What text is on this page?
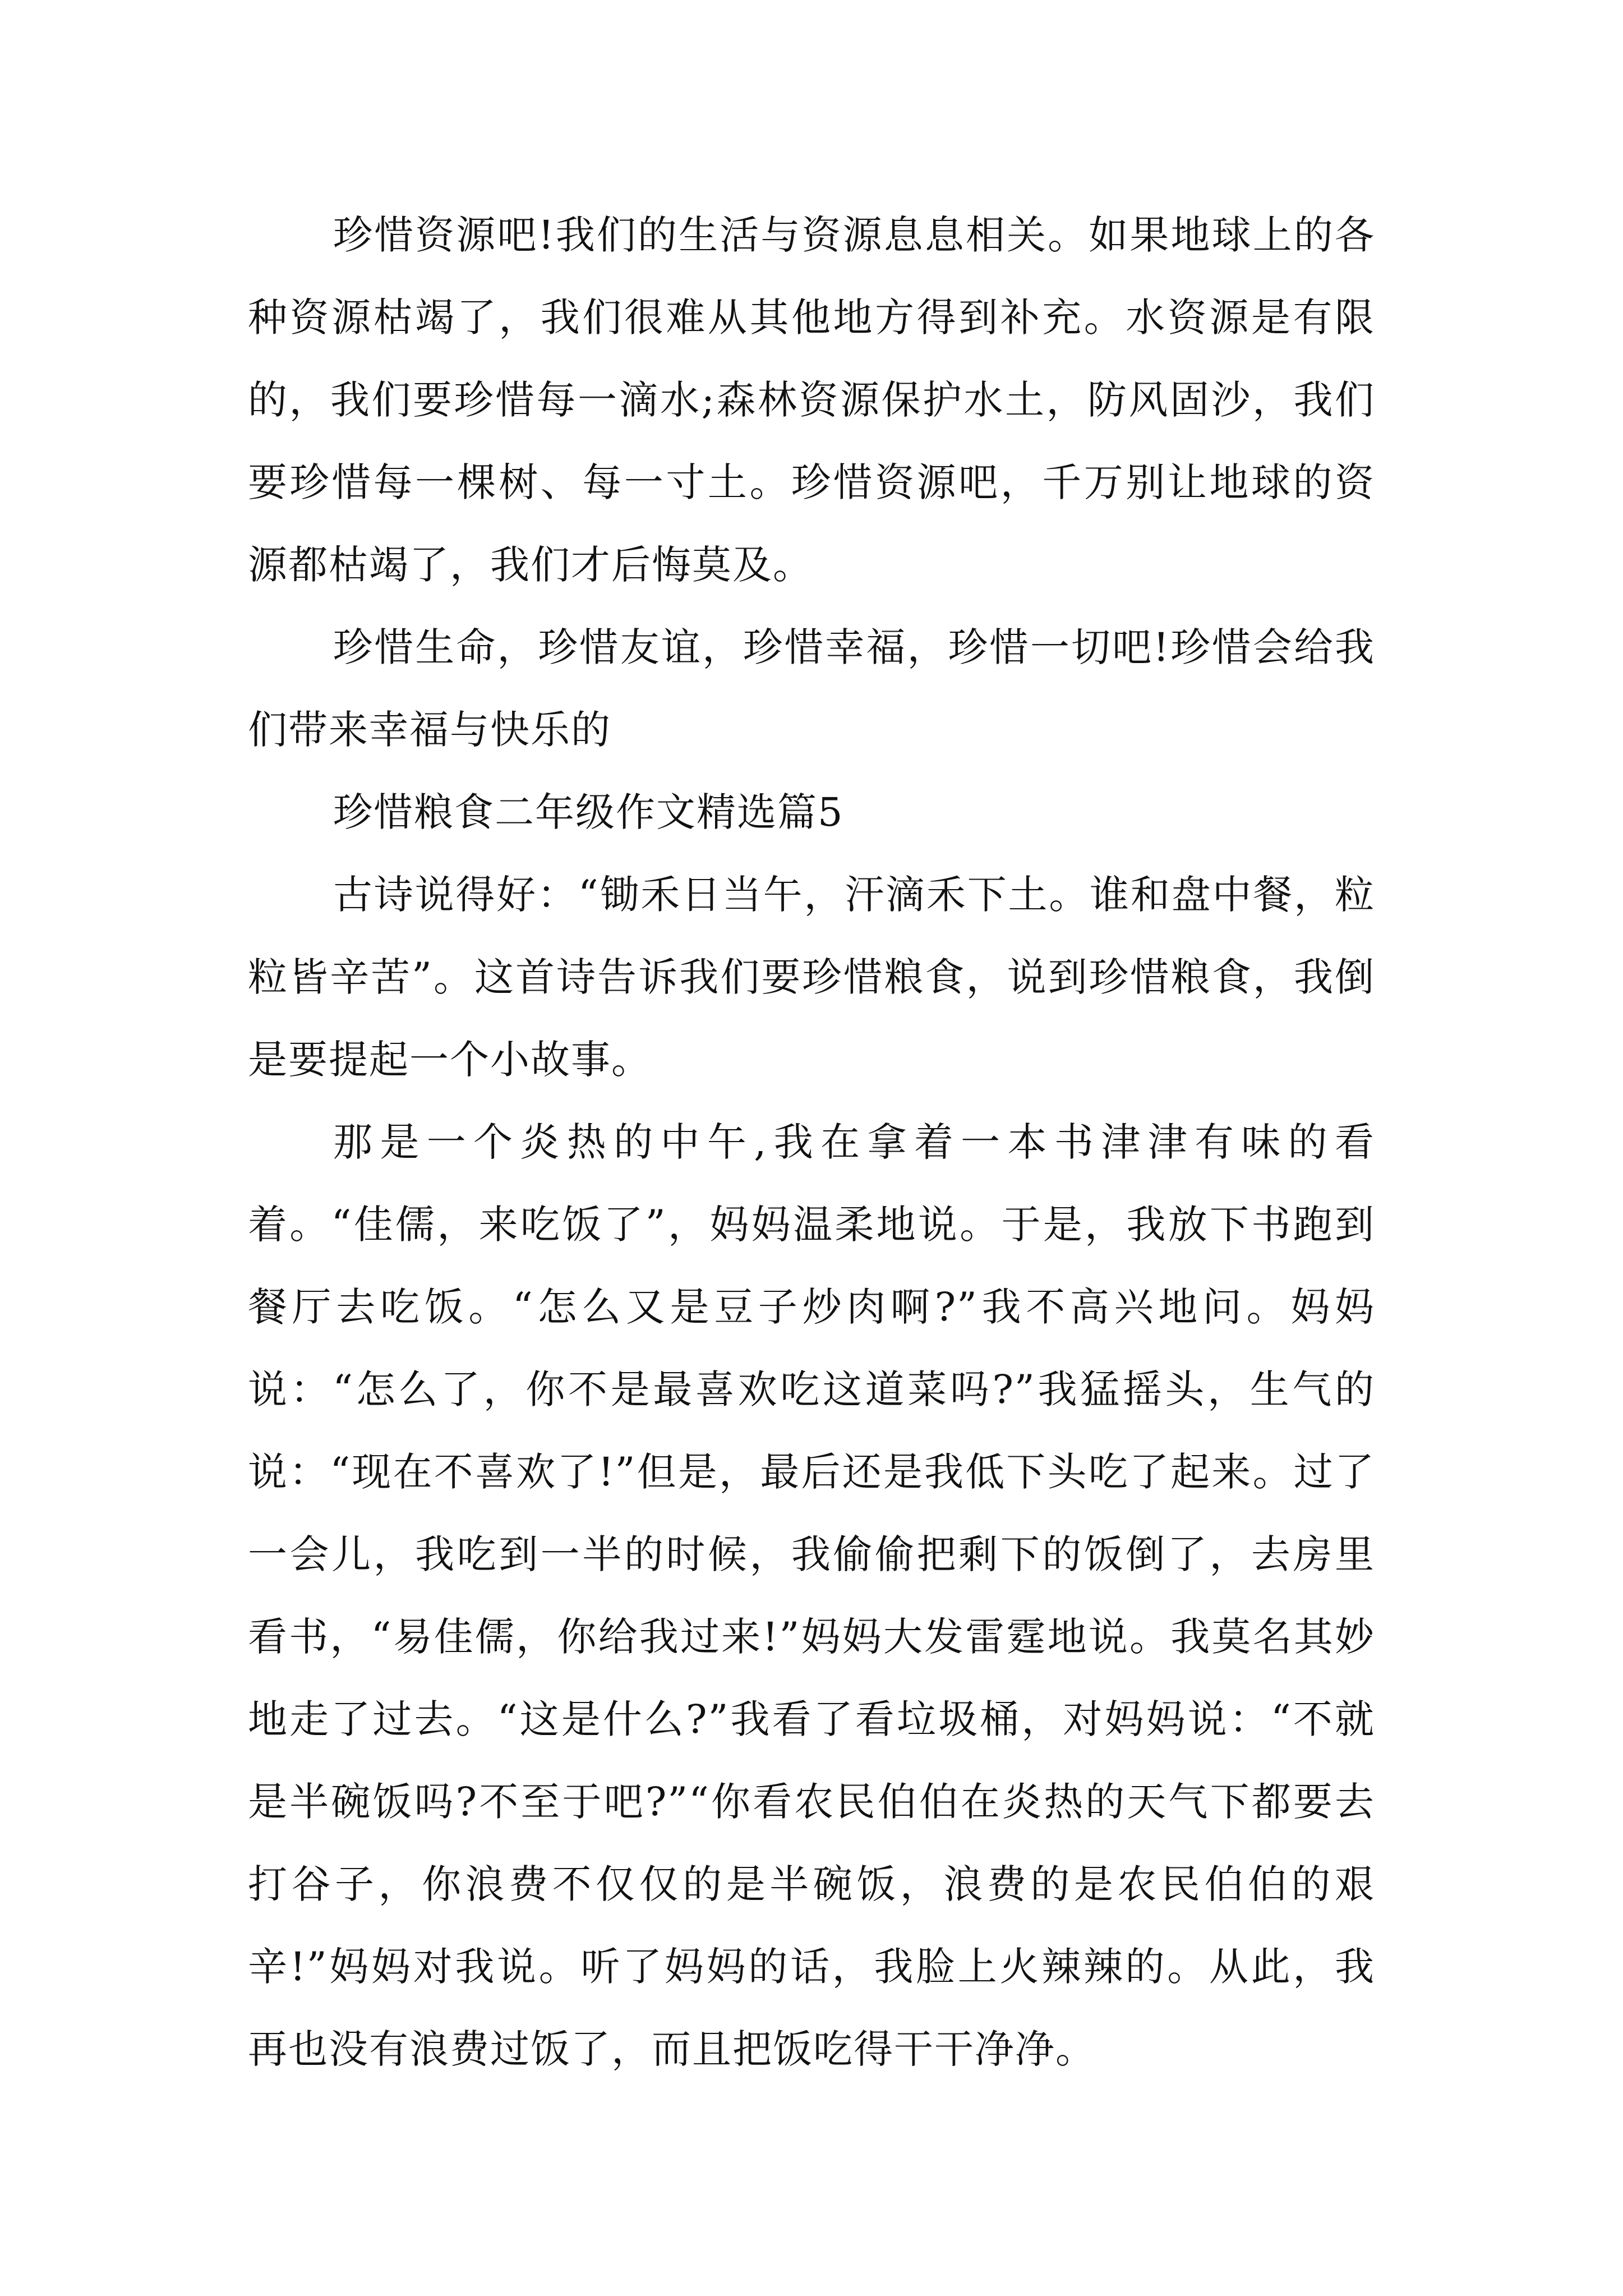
珍惜资源吧!我们的生活与资源息息相关。如果地球上的各种资源枯竭了，我们很难从其他地方得到补充。水资源是有限的，我们要珍惜每一滴水;森林资源保护水土，防风固沙，我们要珍惜每一棵树、每一寸土。珍惜资源吧，千万别让地球的资源都枯竭了，我们才后悔莫及。

珍惜生命，珍惜友谊，珍惜幸福，珍惜一切吧!珍惜会给我们带来幸福与快乐的

珍惜粮食二年级作文精选篇5

古诗说得好：“锄禾日当午，汗滴禾下土。谁和盘中餐，粒粒皆辛苦”。这首诗告诉我们要珍惜粮食，说到珍惜粮食，我倒是要提起一个小故事。

那是一个炎热的中午,我在拿着一本书津津有味的看着。“佳儒，来吃饭了”，妈妈温柔地说。于是，我放下书跑到餐厅去吃饭。“怎么又是豆子炒肉啊?”我不高兴地问。妈妈说：“怎么了，你不是最喜欢吃这道菜吗?”我猛摇头，生气的说：“现在不喜欢了!”但是，最后还是我低下头吃了起来。过了一会儿，我吃到一半的时候，我偷偷把剩下的饭倒了，去房里看书，“易佳儒，你给我过来!”妈妈大发雷霆地说。我莫名其妙地走了过去。“这是什么?”我看了看垃圾桶，对妈妈说：“不就是半碗饭吗?不至于吧?”“你看农民伯伯在炎热的天气下都要去打谷子，你浪费不仅仅的是半碗饭，浪费的是农民伯伯的艰辛!”妈妈对我说。听了妈妈的话，我脸上火辣辣的。从此，我再也没有浪费过饭了，而且把饭吃得干干净净。
